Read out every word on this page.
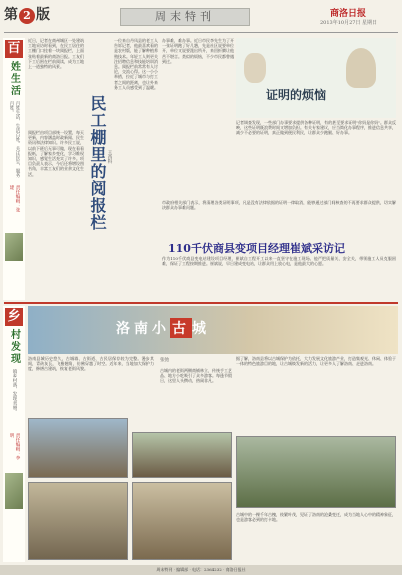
第 2 版	周末特刊	商洛日报
2013年10月27日 星期日
百
姓生活
百姓生活，生活百姓。关注民生，服务百姓。
责任编辑：张建
近日，记者在商州城区一处建筑工地采访时看到，在民工居住的工棚门口挂着一块阅报栏，上面张贴着最新的商洛日报。工友们下工后围在栏前阅读，成为工地上一道独特的风景。
民工棚里的阅报栏 王西科
阅报栏由项目部统一设置，每天更新，内容涵盖时政新闻、民生资讯和法律知识。许多民工说，以前下班后无事可做，现在看看报纸，了解家乡变化，学习维权知识，感觉生活充实了许多。项目负责人表示，今后还将增设图书角，丰富工友们的业余文化生活。
一位来自丹凤县的老工人告诉记者，他最喜欢看的是农村版，能了解种植养殖技术。年轻工人则更关注招聘信息和技能培训消息。阅报栏前常常有人讨论，交流心得。这一小小举措，拉近了城市与打工者之间的距离，也让外来务工人员感受到了温暖。
办事难，难办事。近日市民李先生为了开一张证明跑了好几趟，先是社区说要单位开，单位又说要派出所开，来回折腾让他苦不堪言。类似的烦恼，不少市民都曾遇到过。
证明的烦恼
记者调查发现，一些部门办事要求提供各种证明，有的甚至要求证明"你妈是你妈"。群众反映，这些证明既浪费时间又增加负担。有关专家建议，应当简化办事程序，推进信息共享，减少不必要的证明，真正做到便民利民，让群众少跑腿、好办事。
市政府相关部门表示，将清理各类证明事项，凡是没有法律依据的证明一律取消，能够通过部门间核查的不再要求群众提供，切实解决群众办事难问题。
110千伏商县变项目经理崔斌采访记
作为110千伏商县变电站建设项目经理，崔斌自工程开工以来一直坚守在施工现场。他严把质量关、安全关，带领施工人员克服困难，保证了工程按期推进。崔斌说，早日建成变电站，让群众用上放心电，是他最大的心愿。
乡
村发现
镇乡村落，发现美丽。
责任编辑：李明
洛南小 古 城
张弛
洛南县城历史悠久，古城墙、古街道、古民居保存较为完整。漫步其间，青砖灰瓦，飞檐翘角，仿佛穿越了时空。近年来，当地加大保护力度，修缮古建筑，恢复老街风貌。	古城内的老街两侧商铺林立，传统手工艺品、地方小吃吸引了众多游客。每逢节假日，这里人头攒动，热闹非凡。
据了解，洛南县将以古城保护为依托，大力发展文化旅游产业，打造集观光、休闲、体验于一体的特色旅游目的地，让古城焕发新的活力，让更多人了解洛南、走进洛南。
古城中的一棵千年古槐，枝繁叶茂，见证了洛南的沧桑变迁，成为当地人心中的精神象征，也是游客必到的打卡地。
周末特刊 · 编辑部 · 电话：2364232 · 商洛日报社
